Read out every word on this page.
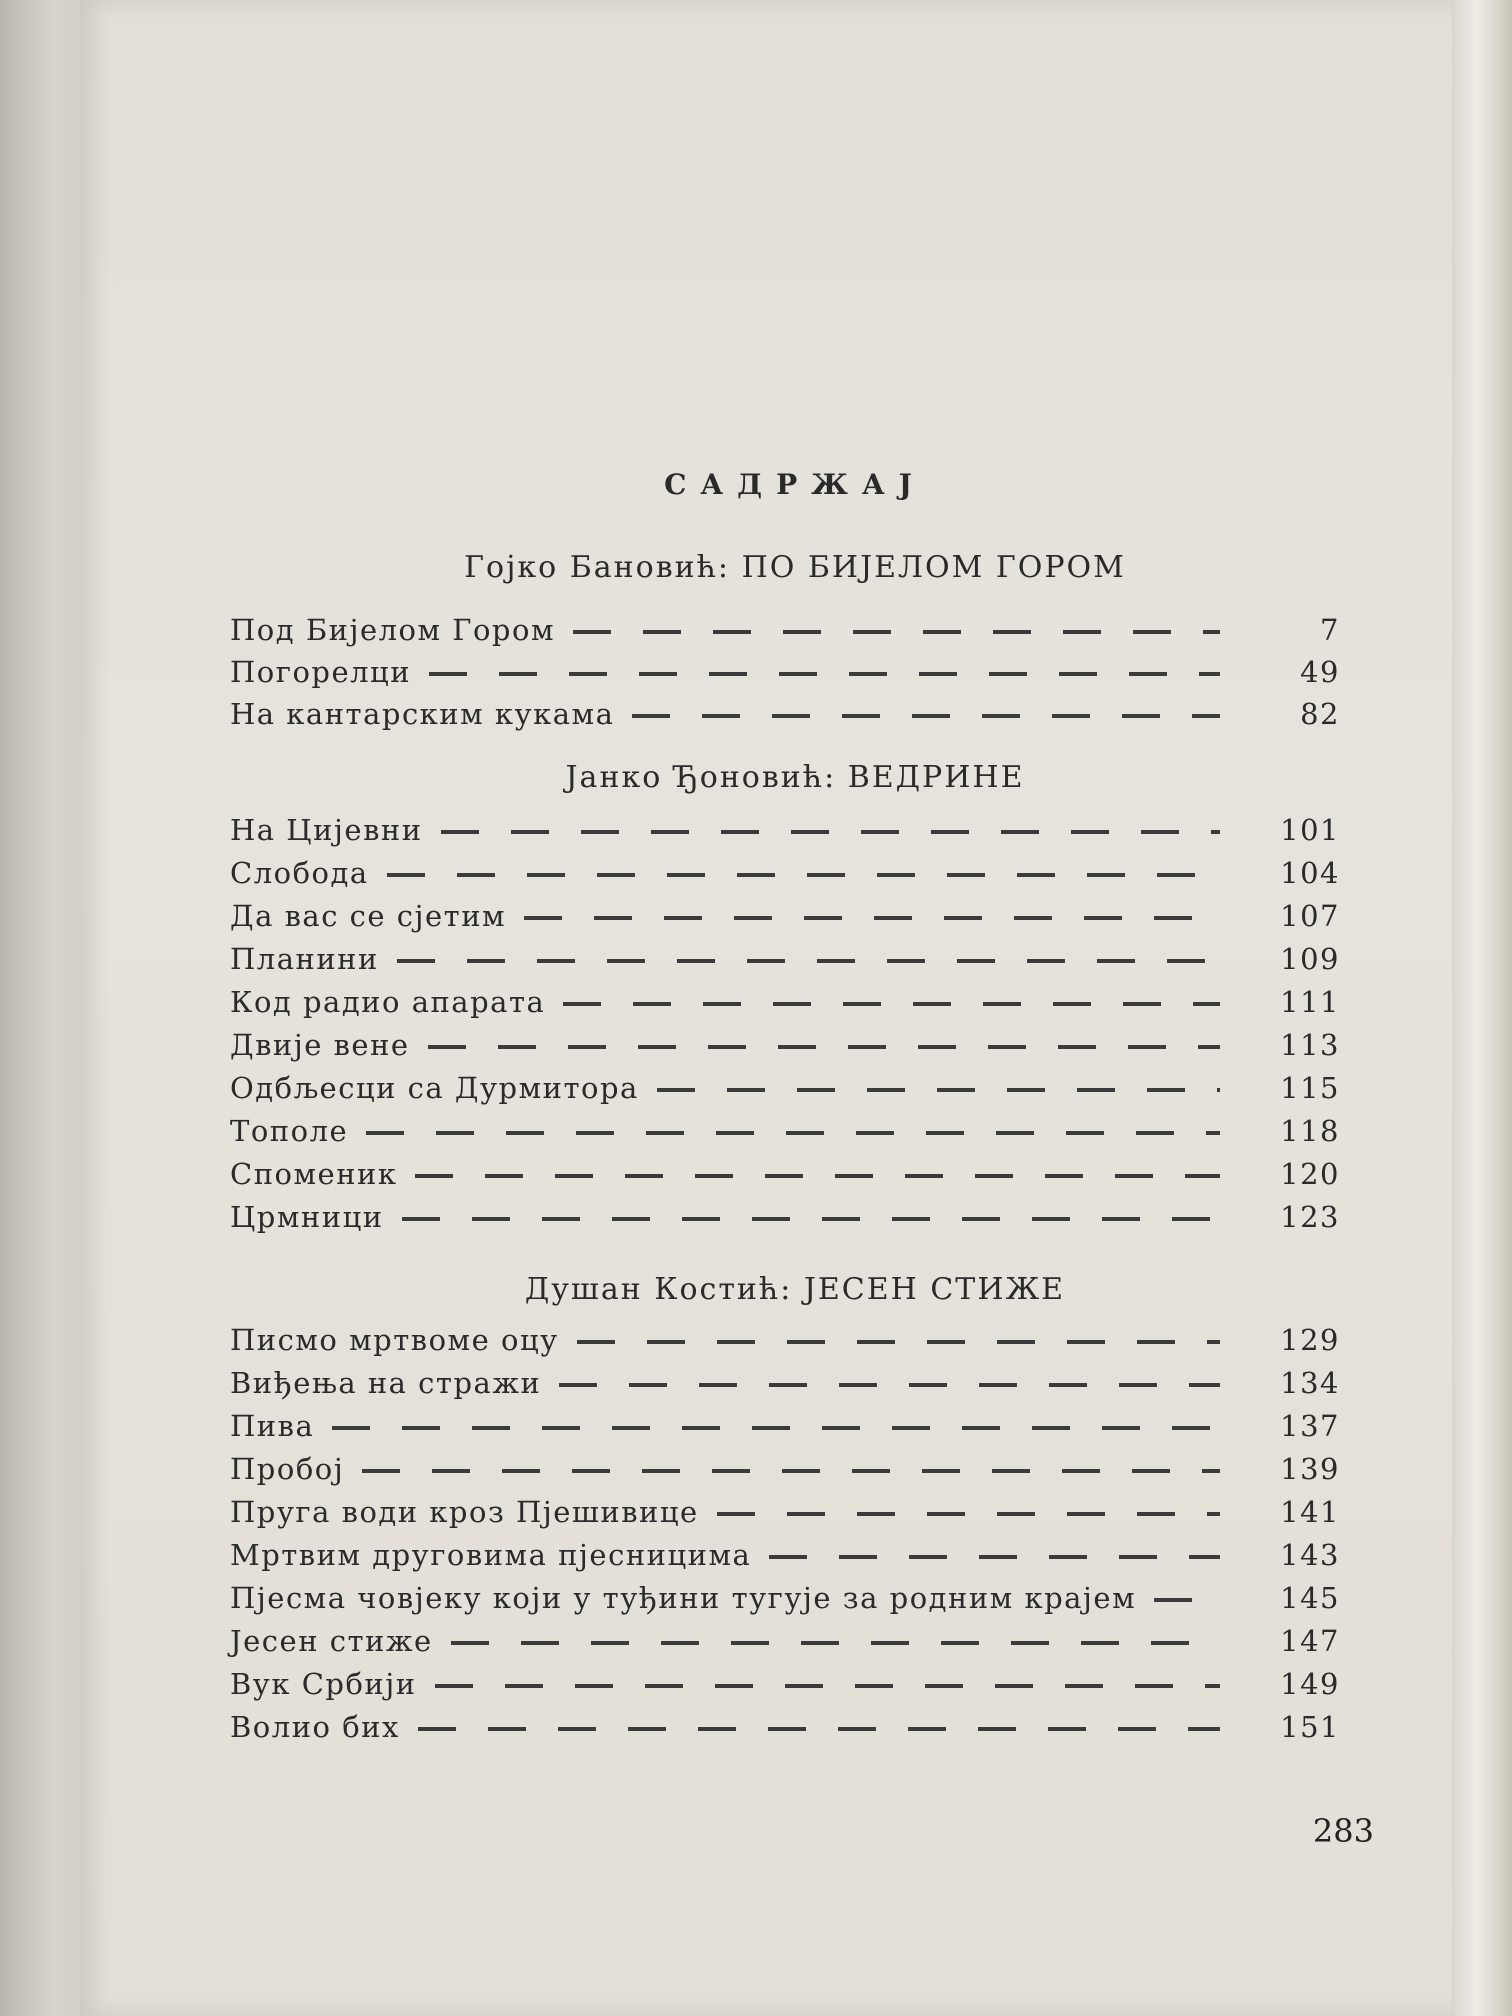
САДРЖАЈ
Гојко Бановић: ПО БИЈЕЛОМ ГОРОМ
Под Бијелом Гором	7
Погорелци	49
На кантарским кукама	82
Јанко Ђоновић: ВЕДРИНЕ
На Цијевни	101
Слобода	104
Да вас се сјетим	107
Планини	109
Код радио апарата	111
Двије вене	113
Одбљесци са Дурмитора	115
Тополе	118
Споменик	120
Црмници	123
Душан Костић: ЈЕСЕН СТИЖЕ
Писмо мртвоме оцу	129
Виђења на стражи	134
Пива	137
Пробој	139
Пруга води кроз Пјешивице	141
Мртвим друговима пјесницима	143
Пјесма човјеку који у туђини тугује за родним крајем	145
Јесен стиже	147
Вук Србији	149
Волио бих	151
283
